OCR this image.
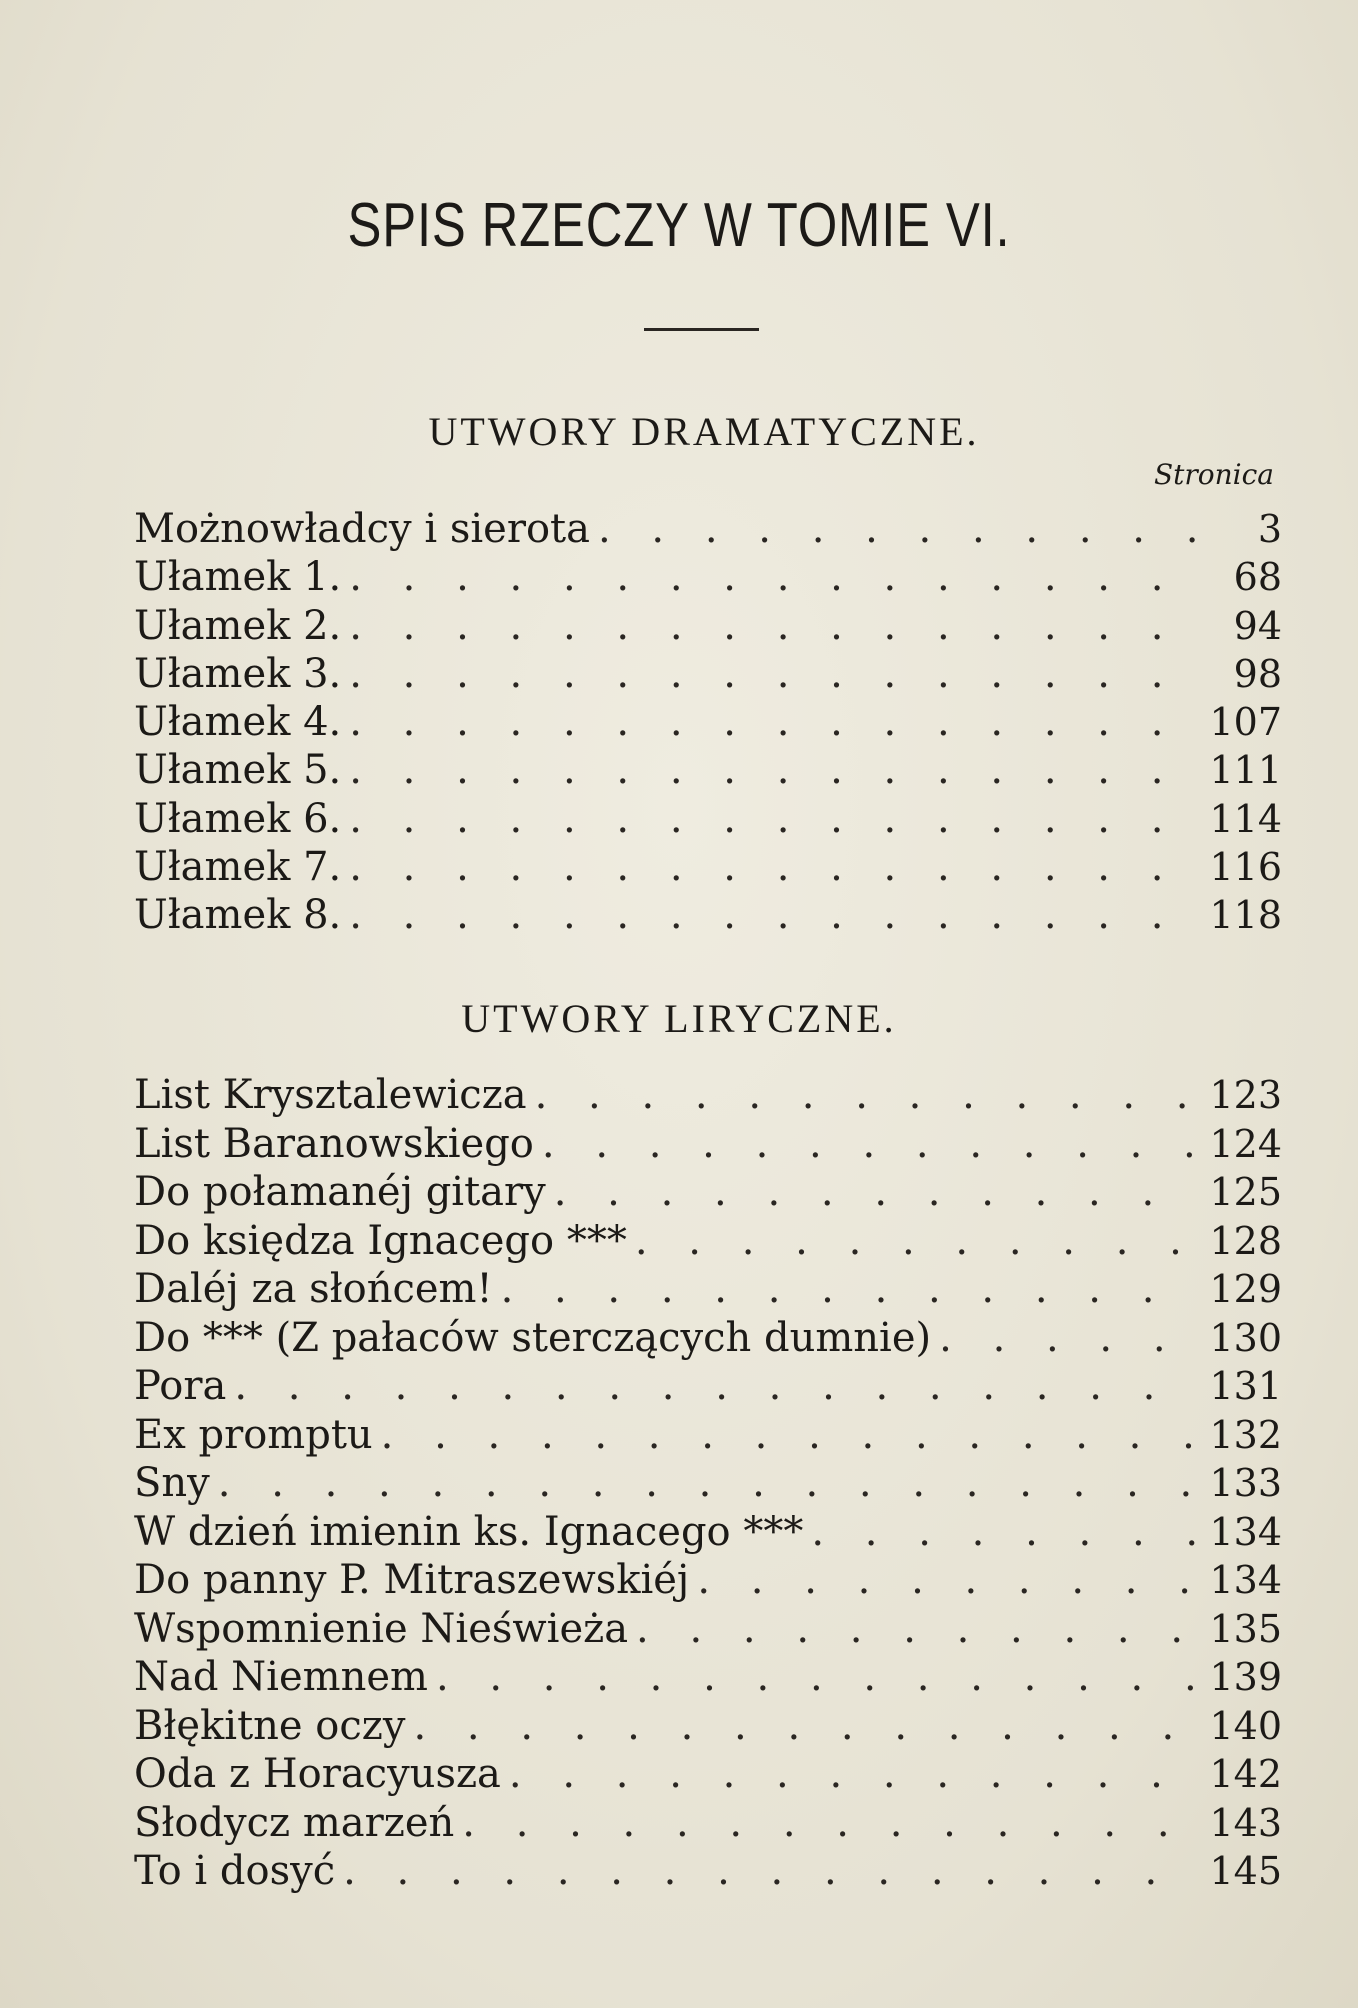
SPIS RZECZY W TOMIE VI.
UTWORY DRAMATYCZNE.
Stronica
Możnowładcy i sierota . . .	3
Ułamek 1. . . .	68
Ułamek 2. . . .	94
Ułamek 3. . . .	98
Ułamek 4. . . .	107
Ułamek 5. . . .	111
Ułamek 6. . . .	114
Ułamek 7. . . .	116
Ułamek 8. . . .	118
UTWORY LIRYCZNE.
List Krysztalewicza . . .	123
List Baranowskiego . . .	124
Do połamanéj gitary . . .	125
Do księdza Ignacego *** . . .	128
Daléj za słońcem! . . .	129
Do *** (Z pałaców sterczących dumnie) . . .	130
Pora . . .	131
Ex promptu . . .	132
Sny . . .	133
W dzień imienin ks. Ignacego *** . . .	134
Do panny P. Mitraszewskiéj . . .	134
Wspomnienie Nieświeża . . .	135
Nad Niemnem . . .	139
Błękitne oczy . . .	140
Oda z Horacyusza . . .	142
Słodycz marzeń . . .	143
To i dosyć . . .	145
